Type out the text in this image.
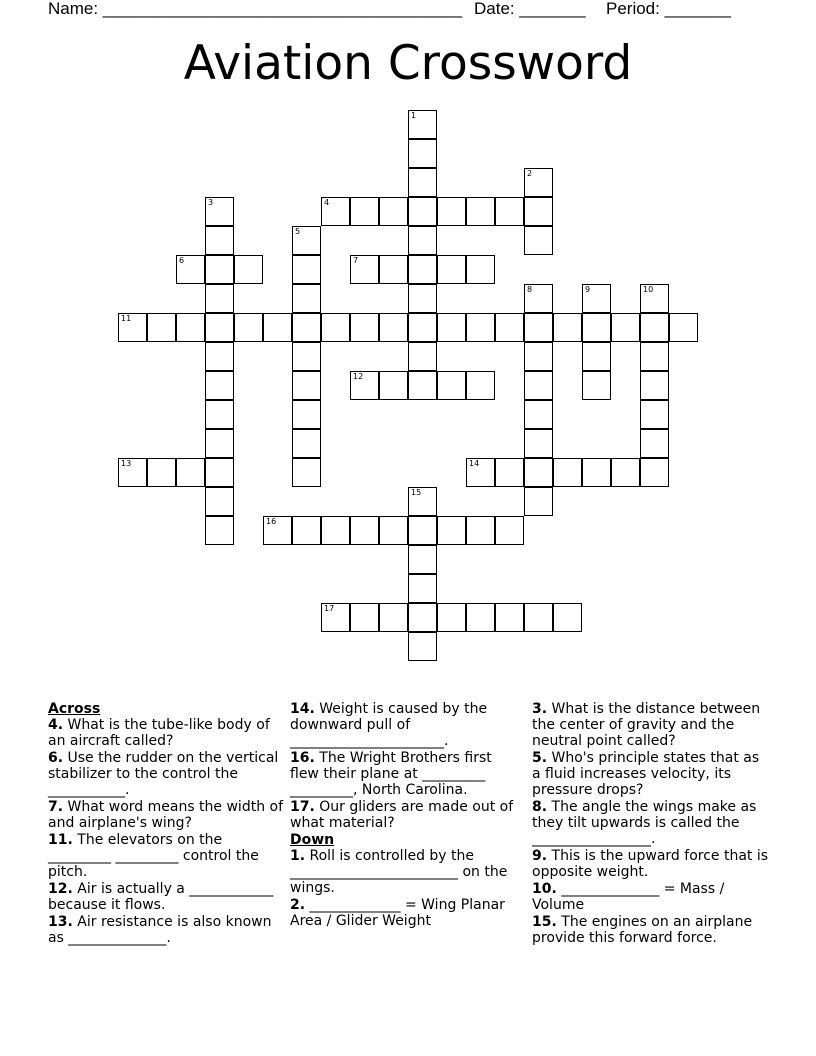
Name: ______________________________________ Date: _______ Period: _______
Aviation Crossword
1
2
3	4
5
6	7
8	9	10
11
12
13	14
15
16
17
Across
4. What is the tube-like body of an aircraft called?
6. Use the rudder on the vertical stabilizer to the control the ___________.
7. What word means the width of and airplane's wing?
11. The elevators on the _________ _________ control the pitch.
12. Air is actually a ____________ because it flows.
13. Air resistance is also known as ______________.
14. Weight is caused by the downward pull of ______________________.
16. The Wright Brothers first flew their plane at _________ _________, North Carolina.
17. Our gliders are made out of what material?
Down
1. Roll is controlled by the ________________________ on the wings.
2. _____________ = Wing Planar Area / Glider Weight
3. What is the distance between the center of gravity and the neutral point called?
5. Who's principle states that as a fluid increases velocity, its pressure drops?
8. The angle the wings make as they tilt upwards is called the _________________.
9. This is the upward force that is opposite weight.
10. ______________ = Mass / Volume
15. The engines on an airplane provide this forward force.
